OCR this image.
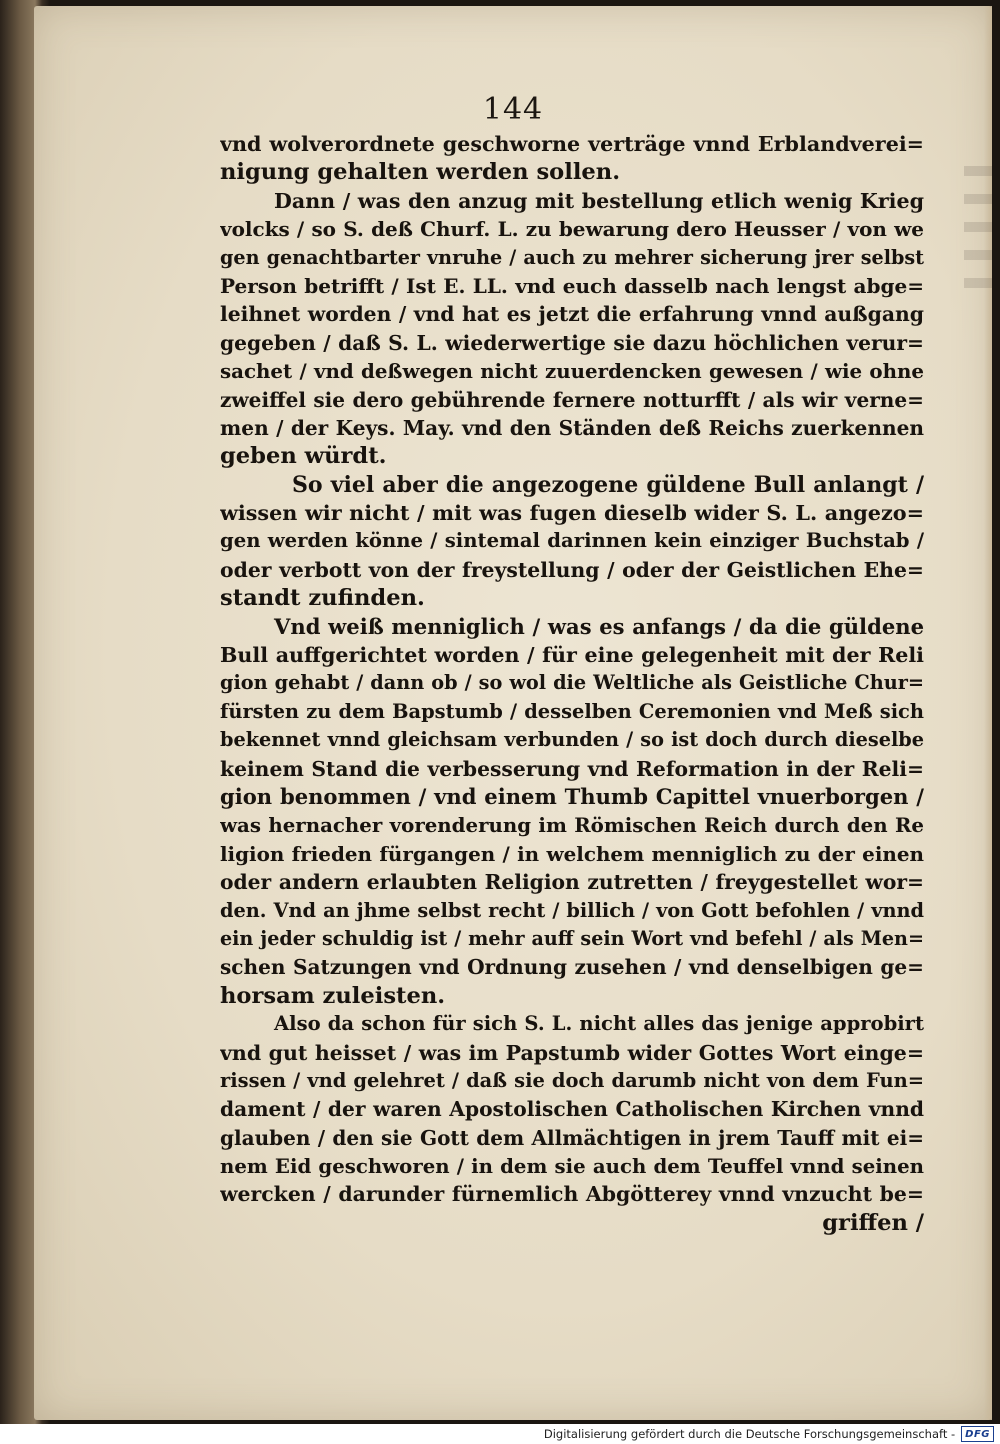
144
vnd wolverordnete geschworne verträge vnnd Erblandverei=
nigung gehalten werden sollen.
Dann / was den anzug mit bestellung etlich wenig Krieg
volcks / so S. deß Churf. L. zu bewarung dero Heusser / von we
gen genachtbarter vnruhe / auch zu mehrer sicherung jrer selbst
Person betrifft / Ist E. LL. vnd euch dasselb nach lengst abge=
leihnet worden / vnd hat es jetzt die erfahrung vnnd außgang
gegeben / daß S. L. wiederwertige sie dazu höchlichen verur=
sachet / vnd deßwegen nicht zuuerdencken gewesen / wie ohne
zweiffel sie dero gebührende fernere notturfft / als wir verne=
men / der Keys. May. vnd den Ständen deß Reichs zuerkennen
geben würdt.
So viel aber die angezogene güldene Bull anlangt /
wissen wir nicht / mit was fugen dieselb wider S. L. angezo=
gen werden könne / sintemal darinnen kein einziger Buchstab /
oder verbott von der freystellung / oder der Geistlichen Ehe=
standt zufinden.
Vnd weiß menniglich / was es anfangs / da die güldene
Bull auffgerichtet worden / für eine gelegenheit mit der Reli
gion gehabt / dann ob / so wol die Weltliche als Geistliche Chur=
fürsten zu dem Bapstumb / desselben Ceremonien vnd Meß sich
bekennet vnnd gleichsam verbunden / so ist doch durch dieselbe
keinem Stand die verbesserung vnd Reformation in der Reli=
gion benommen / vnd einem Thumb Capittel vnuerborgen /
was hernacher vorenderung im Römischen Reich durch den Re
ligion frieden fürgangen / in welchem menniglich zu der einen
oder andern erlaubten Religion zutretten / freygestellet wor=
den. Vnd an jhme selbst recht / billich / von Gott befohlen / vnnd
ein jeder schuldig ist / mehr auff sein Wort vnd befehl / als Men=
schen Satzungen vnd Ordnung zusehen / vnd denselbigen ge=
horsam zuleisten.
Also da schon für sich S. L. nicht alles das jenige approbirt
vnd gut heisset / was im Papstumb wider Gottes Wort einge=
rissen / vnd gelehret / daß sie doch darumb nicht von dem Fun=
dament / der waren Apostolischen Catholischen Kirchen vnnd
glauben / den sie Gott dem Allmächtigen in jrem Tauff mit ei=
nem Eid geschworen / in dem sie auch dem Teuffel vnnd seinen
wercken / darunder fürnemlich Abgötterey vnnd vnzucht be=
griffen /
Digitalisierung gefördert durch die Deutsche Forschungsgemeinschaft -	DFG
